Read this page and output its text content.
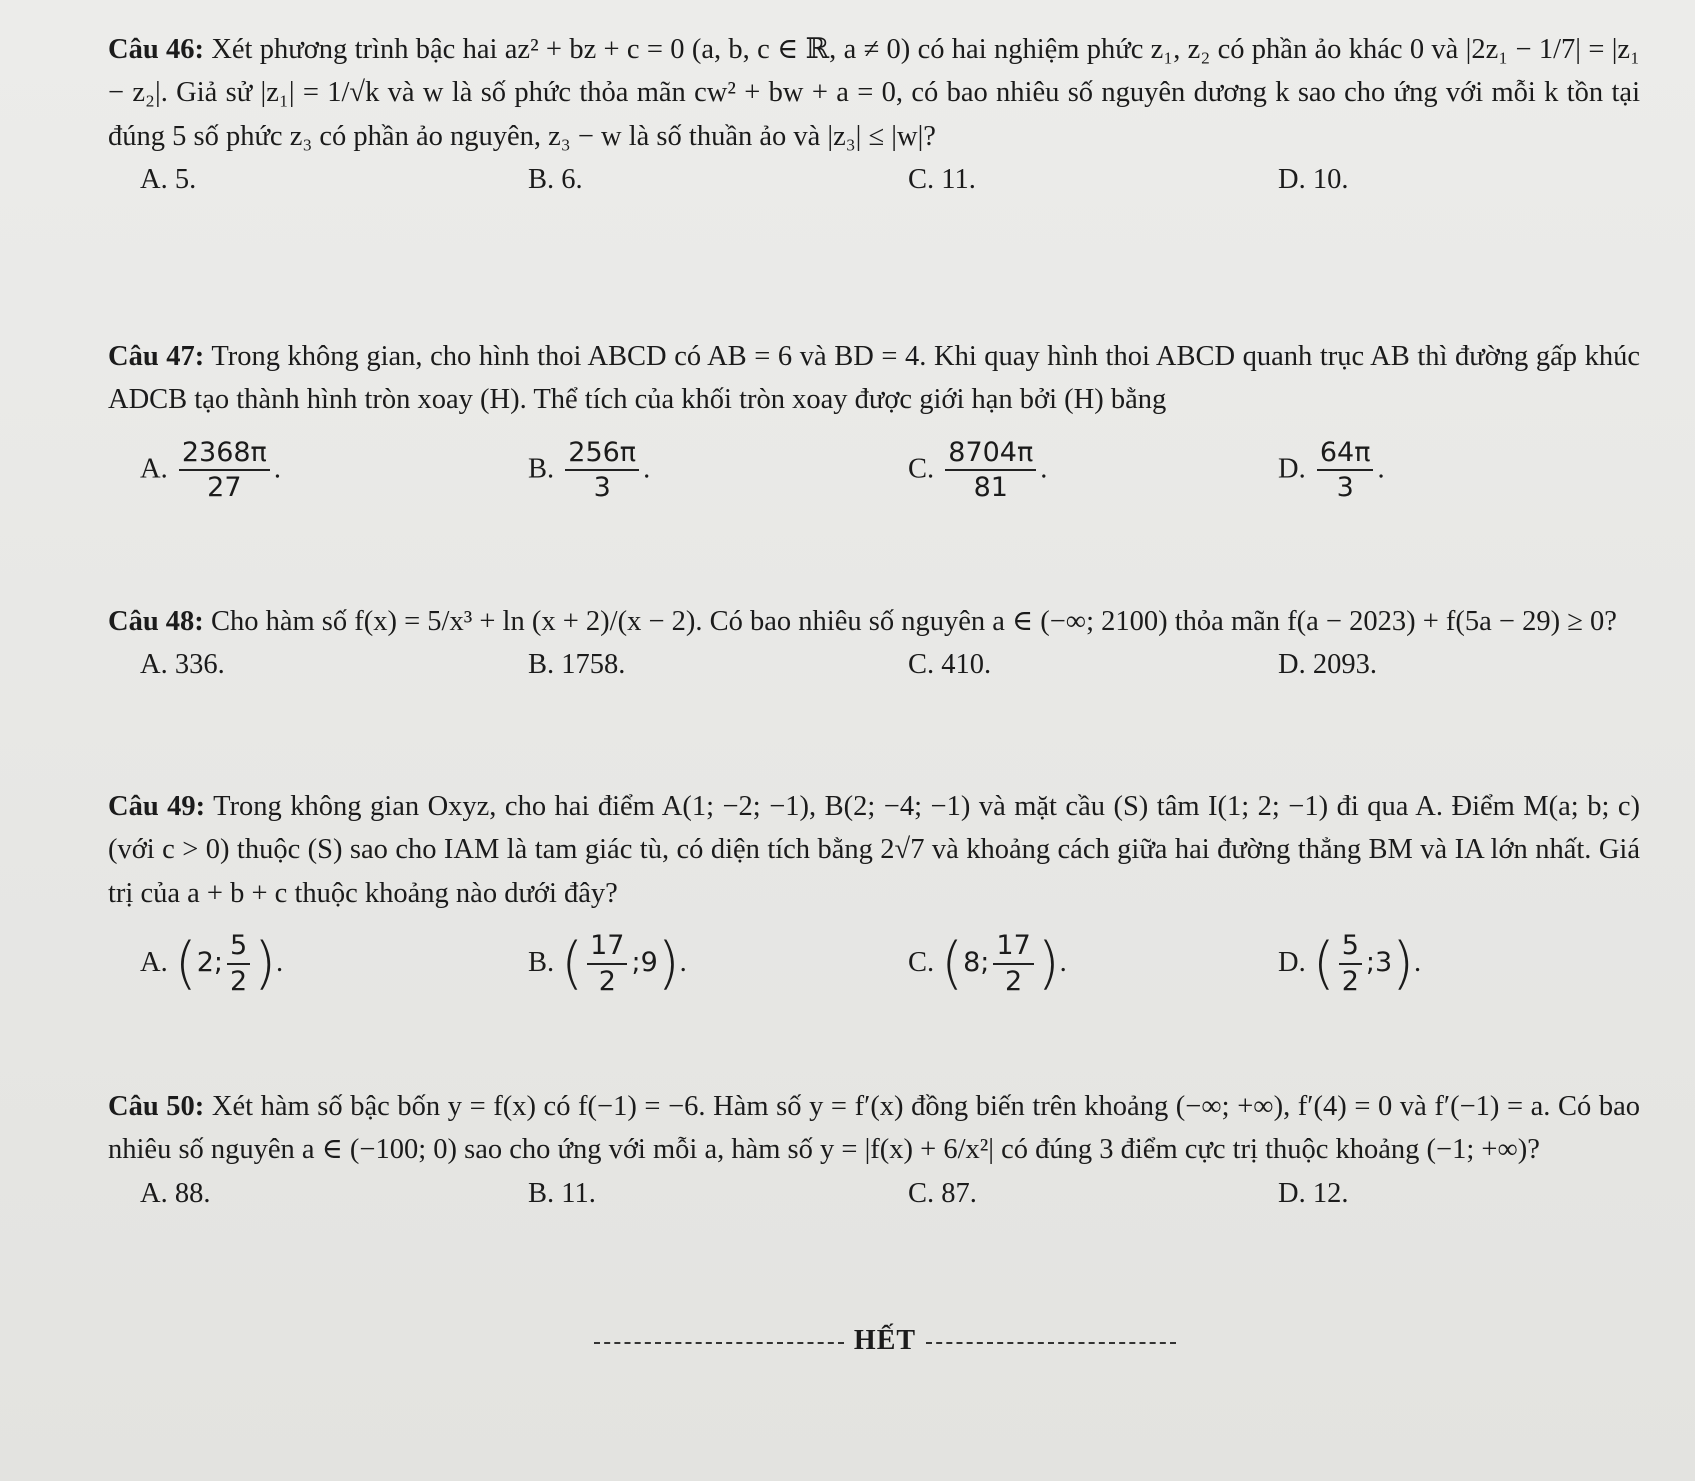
Câu 46: Xét phương trình bậc hai az² + bz + c = 0 (a, b, c ∈ ℝ, a ≠ 0) có hai nghiệm phức z₁, z₂ có phần ảo khác 0 và |2z₁ − 1/7| = |z₁ − z₂|. Giả sử |z₁| = 1/√k và w là số phức thỏa mãn cw² + bw + a = 0, có bao nhiêu số nguyên dương k sao cho ứng với mỗi k tồn tại đúng 5 số phức z₃ có phần ảo nguyên, z₃ − w là số thuần ảo và |z₃| ≤ |w|?
A. 5.	B. 6.	C. 11.	D. 10.
Câu 47: Trong không gian, cho hình thoi ABCD có AB = 6 và BD = 4. Khi quay hình thoi ABCD quanh trục AB thì đường gấp khúc ADCB tạo thành hình tròn xoay (H). Thể tích của khối tròn xoay được giới hạn bởi (H) bằng
A. $\frac{2368\pi}{27}$ .	B. $\frac{256\pi}{3}$ .	C. $\frac{8704\pi}{81}$ .	D. $\frac{64\pi}{3}$ .
Câu 48: Cho hàm số f(x) = 5/x³ + ln (x + 2)/(x − 2). Có bao nhiêu số nguyên a ∈ (−∞; 2100) thỏa mãn f(a − 2023) + f(5a − 29) ≥ 0?
A. 336.	B. 1758.	C. 410.	D. 2093.
Câu 49: Trong không gian Oxyz, cho hai điểm A(1; −2; −1), B(2; −4; −1) và mặt cầu (S) tâm I(1; 2; −1) đi qua A. Điểm M(a; b; c) (với c > 0) thuộc (S) sao cho IAM là tam giác tù, có diện tích bằng 2√7 và khoảng cách giữa hai đường thẳng BM và IA lớn nhất. Giá trị của a + b + c thuộc khoảng nào dưới đây?
A. (2; $\frac{5}{2}$ ).	B. ( $\frac{17}{2}$ ;9).	C. (8; $\frac{17}{2}$ ).	D. ( $\frac{5}{2}$ ;3).
Câu 50: Xét hàm số bậc bốn y = f(x) có f(−1) = −6. Hàm số y = f′(x) đồng biến trên khoảng (−∞; +∞), f′(4) = 0 và f′(−1) = a. Có bao nhiêu số nguyên a ∈ (−100; 0) sao cho ứng với mỗi a, hàm số y = |f(x) + 6/x²| có đúng 3 điểm cực trị thuộc khoảng (−1; +∞)?
A. 88.	B. 11.	C. 87.	D. 12.
HẾT
